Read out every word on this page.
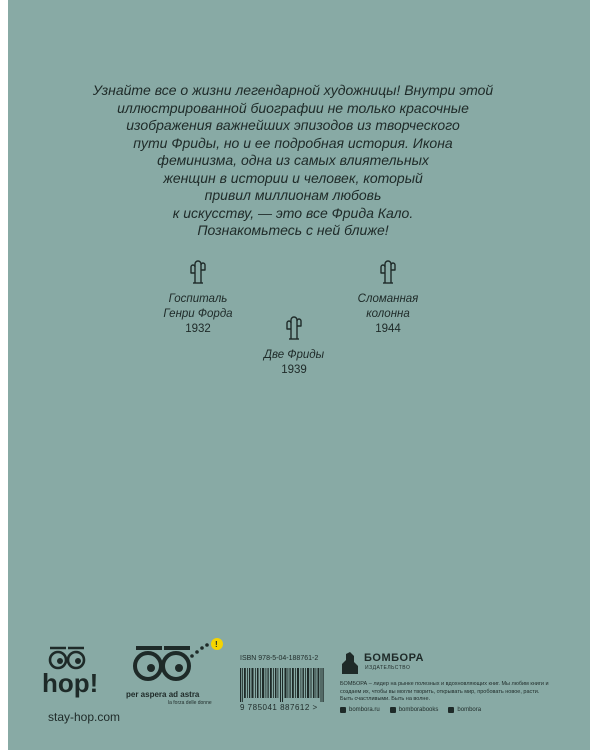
Узнайте все о жизни легендарной художницы! Внутри этой
иллюстрированной биографии не только красочные
изображения важнейших эпизодов из творческого
пути Фриды, но и ее подробная история. Икона
феминизма, одна из самых влиятельных
женщин в истории и человек, который
привил миллионам любовь
к искусству, — это все Фрида Кало.
Познакомьтесь с ней ближе!

Госпиталь
Генри Форда
1932
Две Фриды
1939
Сломанная
колонна
1944
hop!
stay-hop.com
!
per aspera ad astra
la forza delle donne
ISBN 978-5-04-188761-2
9 785041 887612 >
БОМБОРА
ИЗДАТЕЛЬСТВО
БОМБОРА – лидер на рынке полезных и вдохновляющих книг. Мы любим книги и создаем их, чтобы вы могли творить, открывать мир, пробовать новое, расти. Быть счастливыми. Быть на волне.
bombora.ru	bomborabooks	bombora
